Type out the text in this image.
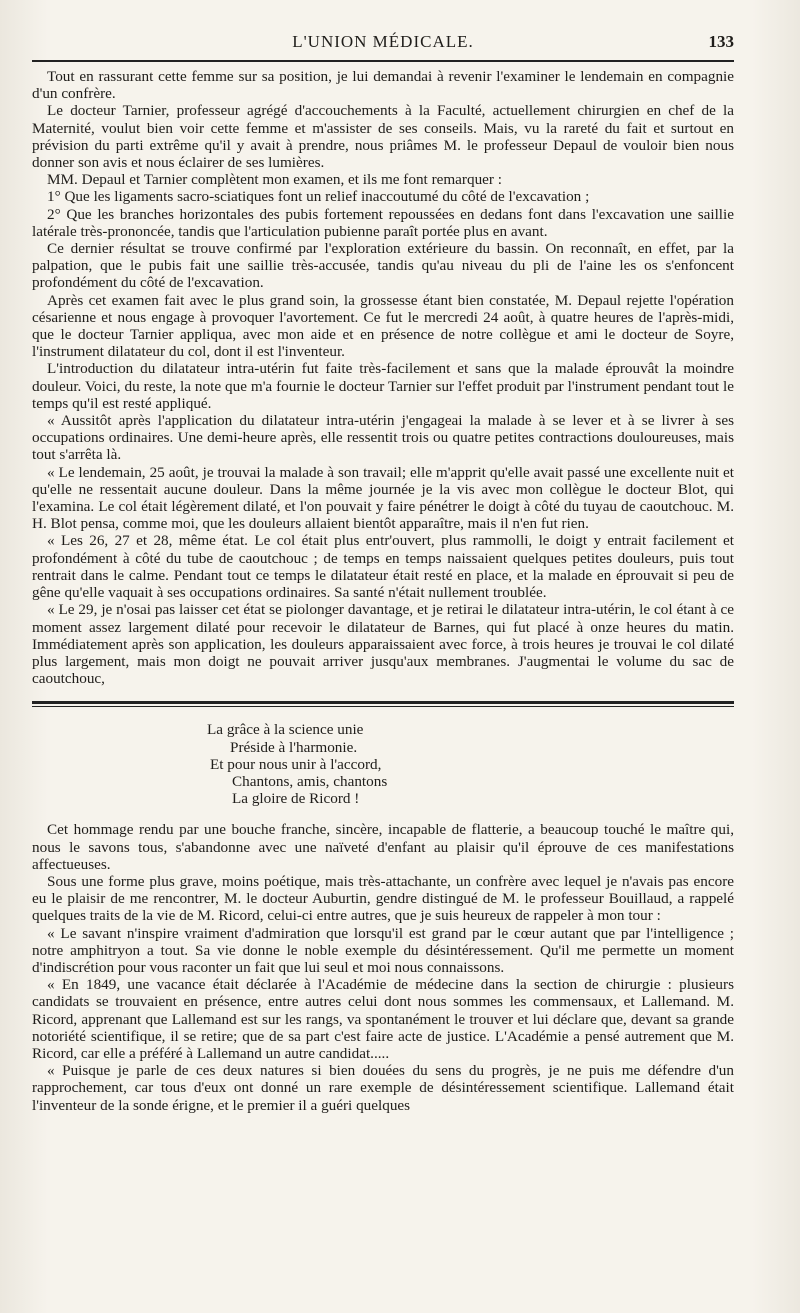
L'UNION MÉDICALE.	133

Tout en rassurant cette femme sur sa position, je lui demandai à revenir l'examiner le lendemain en compagnie d'un confrère.

Le docteur Tarnier, professeur agrégé d'accouchements à la Faculté, actuellement chirurgien en chef de la Maternité, voulut bien voir cette femme et m'assister de ses conseils. Mais, vu la rareté du fait et surtout en prévision du parti extrême qu'il y avait à prendre, nous priâmes M. le professeur Depaul de vouloir bien nous donner son avis et nous éclairer de ses lumières.

MM. Depaul et Tarnier complètent mon examen, et ils me font remarquer :

1° Que les ligaments sacro-sciatiques font un relief inaccoutumé du côté de l'excavation ;

2° Que les branches horizontales des pubis fortement repoussées en dedans font dans l'excavation une saillie latérale très-prononcée, tandis que l'articulation pubienne paraît portée plus en avant.

Ce dernier résultat se trouve confirmé par l'exploration extérieure du bassin. On reconnaît, en effet, par la palpation, que le pubis fait une saillie très-accusée, tandis qu'au niveau du pli de l'aine les os s'enfoncent profondément du côté de l'excavation.

Après cet examen fait avec le plus grand soin, la grossesse étant bien constatée, M. Depaul rejette l'opération césarienne et nous engage à provoquer l'avortement. Ce fut le mercredi 24 août, à quatre heures de l'après-midi, que le docteur Tarnier appliqua, avec mon aide et en présence de notre collègue et ami le docteur de Soyre, l'instrument dilatateur du col, dont il est l'inventeur.

L'introduction du dilatateur intra-utérin fut faite très-facilement et sans que la malade éprouvât la moindre douleur. Voici, du reste, la note que m'a fournie le docteur Tarnier sur l'effet produit par l'instrument pendant tout le temps qu'il est resté appliqué.

« Aussitôt après l'application du dilatateur intra-utérin j'engageai la malade à se lever et à se livrer à ses occupations ordinaires. Une demi-heure après, elle ressentit trois ou quatre petites contractions douloureuses, mais tout s'arrêta là.

« Le lendemain, 25 août, je trouvai la malade à son travail; elle m'apprit qu'elle avait passé une excellente nuit et qu'elle ne ressentait aucune douleur. Dans la même journée je la vis avec mon collègue le docteur Blot, qui l'examina. Le col était légèrement dilaté, et l'on pouvait y faire pénétrer le doigt à côté du tuyau de caoutchouc. M. H. Blot pensa, comme moi, que les douleurs allaient bientôt apparaître, mais il n'en fut rien.

« Les 26, 27 et 28, même état. Le col était plus entr'ouvert, plus rammolli, le doigt y entrait facilement et profondément à côté du tube de caoutchouc ; de temps en temps naissaient quelques petites douleurs, puis tout rentrait dans le calme. Pendant tout ce temps le dilatateur était resté en place, et la malade en éprouvait si peu de gêne qu'elle vaquait à ses occupations ordinaires. Sa santé n'était nullement troublée.

« Le 29, je n'osai pas laisser cet état se piolonger davantage, et je retirai le dilatateur intra-utérin, le col étant à ce moment assez largement dilaté pour recevoir le dilatateur de Barnes, qui fut placé à onze heures du matin. Immédiatement après son application, les douleurs apparaissaient avec force, à trois heures je trouvai le col dilaté plus largement, mais mon doigt ne pouvait arriver jusqu'aux membranes. J'augmentai le volume du sac de caoutchouc,

La grâce à la science unie
Préside à l'harmonie.
Et pour nous unir à l'accord,
Chantons, amis, chantons
La gloire de Ricord !

Cet hommage rendu par une bouche franche, sincère, incapable de flatterie, a beaucoup touché le maître qui, nous le savons tous, s'abandonne avec une naïveté d'enfant au plaisir qu'il éprouve de ces manifestations affectueuses.

Sous une forme plus grave, moins poétique, mais très-attachante, un confrère avec lequel je n'avais pas encore eu le plaisir de me rencontrer, M. le docteur Auburtin, gendre distingué de M. le professeur Bouillaud, a rappelé quelques traits de la vie de M. Ricord, celui-ci entre autres, que je suis heureux de rappeler à mon tour :

« Le savant n'inspire vraiment d'admiration que lorsqu'il est grand par le cœur autant que par l'intelligence ; notre amphitryon a tout. Sa vie donne le noble exemple du désintéressement. Qu'il me permette un moment d'indiscrétion pour vous raconter un fait que lui seul et moi nous connaissons.

« En 1849, une vacance était déclarée à l'Académie de médecine dans la section de chirurgie : plusieurs candidats se trouvaient en présence, entre autres celui dont nous sommes les commensaux, et Lallemand. M. Ricord, apprenant que Lallemand est sur les rangs, va spontanément le trouver et lui déclare que, devant sa grande notoriété scientifique, il se retire; que de sa part c'est faire acte de justice. L'Académie a pensé autrement que M. Ricord, car elle a préféré à Lallemand un autre candidat.....

« Puisque je parle de ces deux natures si bien douées du sens du progrès, je ne puis me défendre d'un rapprochement, car tous d'eux ont donné un rare exemple de désintéressement scientifique. Lallemand était l'inventeur de la sonde érigne, et le premier il a guéri quelques
